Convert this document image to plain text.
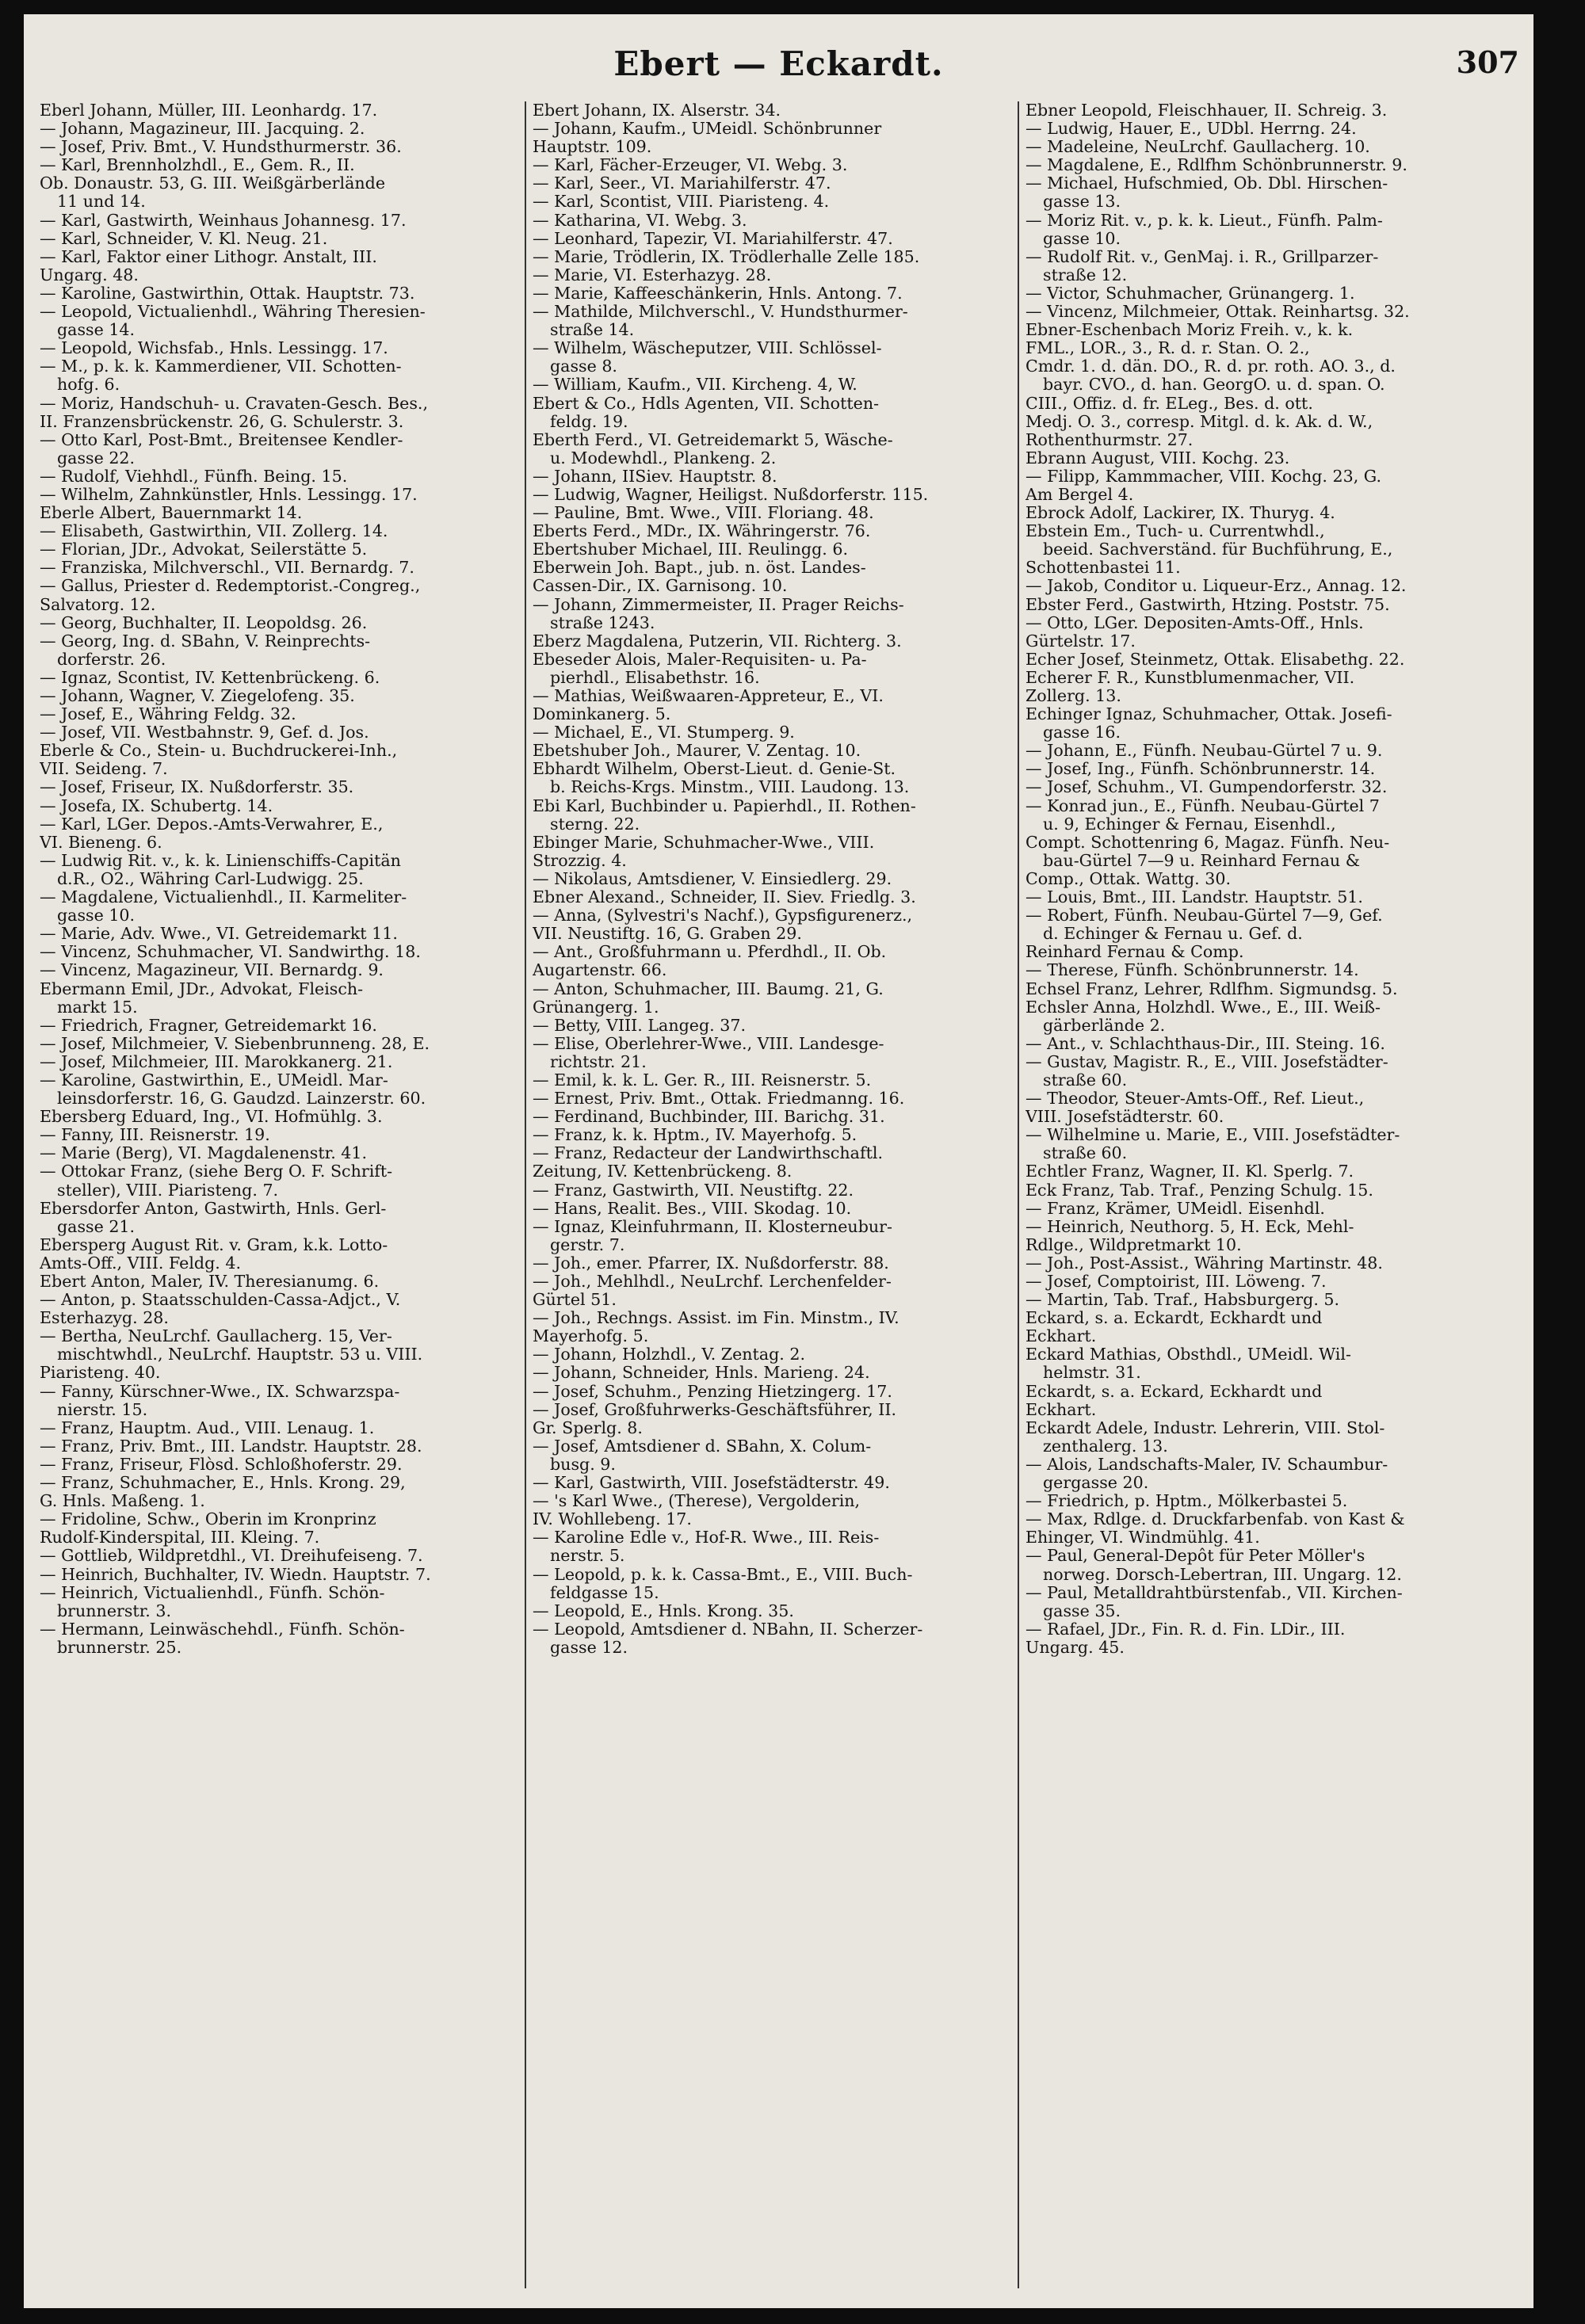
Ebert — Eckardt.	307
Eberl Johann, Müller, III. Leonhardg. 17.
— Johann, Magazineur, III. Jacquing. 2.
— Josef, Priv. Bmt., V. Hundsthurmerstr. 36.
— Karl, Brennholzhdl., E., Gem. R., II.
Ob. Donaustr. 53, G. III. Weißgärberlände
11 und 14.
— Karl, Gastwirth, Weinhaus Johannesg. 17.
— Karl, Schneider, V. Kl. Neug. 21.
— Karl, Faktor einer Lithogr. Anstalt, III.
Ungarg. 48.
— Karoline, Gastwirthin, Ottak. Hauptstr. 73.
— Leopold, Victualienhdl., Währing Theresien-
gasse 14.
— Leopold, Wichsfab., Hnls. Lessingg. 17.
— M., p. k. k. Kammerdiener, VII. Schotten-
hofg. 6.
— Moriz, Handschuh- u. Cravaten-Gesch. Bes.,
II. Franzensbrückenstr. 26, G. Schulerstr. 3.
— Otto Karl, Post-Bmt., Breitensee Kendler-
gasse 22.
— Rudolf, Viehhdl., Fünfh. Being. 15.
— Wilhelm, Zahnkünstler, Hnls. Lessingg. 17.
Eberle Albert, Bauernmarkt 14.
— Elisabeth, Gastwirthin, VII. Zollerg. 14.
— Florian, JDr., Advokat, Seilerstätte 5.
— Franziska, Milchverschl., VII. Bernardg. 7.
— Gallus, Priester d. Redemptorist.-Congreg.,
Salvatorg. 12.
— Georg, Buchhalter, II. Leopoldsg. 26.
— Georg, Ing. d. SBahn, V. Reinprechts-
dorferstr. 26.
— Ignaz, Scontist, IV. Kettenbrückeng. 6.
— Johann, Wagner, V. Ziegelofeng. 35.
— Josef, E., Währing Feldg. 32.
— Josef, VII. Westbahnstr. 9, Gef. d. Jos.
Eberle & Co., Stein- u. Buchdruckerei-Inh.,
VII. Seideng. 7.
— Josef, Friseur, IX. Nußdorferstr. 35.
— Josefa, IX. Schubertg. 14.
— Karl, LGer. Depos.-Amts-Verwahrer, E.,
VI. Bieneng. 6.
— Ludwig Rit. v., k. k. Linienschiffs-Capitän
d.R., O2., Währing Carl-Ludwigg. 25.
— Magdalene, Victualienhdl., II. Karmeliter-
gasse 10.
— Marie, Adv. Wwe., VI. Getreidemarkt 11.
— Vincenz, Schuhmacher, VI. Sandwirthg. 18.
— Vincenz, Magazineur, VII. Bernardg. 9.
Ebermann Emil, JDr., Advokat, Fleisch-
markt 15.
— Friedrich, Fragner, Getreidemarkt 16.
— Josef, Milchmeier, V. Siebenbrunneng. 28, E.
— Josef, Milchmeier, III. Marokkanerg. 21.
— Karoline, Gastwirthin, E., UMeidl. Mar-
leinsdorferstr. 16, G. Gaudzd. Lainzerstr. 60.
Ebersberg Eduard, Ing., VI. Hofmühlg. 3.
— Fanny, III. Reisnerstr. 19.
— Marie (Berg), VI. Magdalenenstr. 41.
— Ottokar Franz, (siehe Berg O. F. Schrift-
steller), VIII. Piaristeng. 7.
Ebersdorfer Anton, Gastwirth, Hnls. Gerl-
gasse 21.
Ebersperg August Rit. v. Gram, k.k. Lotto-
Amts-Off., VIII. Feldg. 4.
Ebert Anton, Maler, IV. Theresianumg. 6.
— Anton, p. Staatsschulden-Cassa-Adjct., V.
Esterhazyg. 28.
— Bertha, NeuLrchf. Gaullacherg. 15, Ver-
mischtwhdl., NeuLrchf. Hauptstr. 53 u. VIII.
Piaristeng. 40.
— Fanny, Kürschner-Wwe., IX. Schwarzspa-
nierstr. 15.
— Franz, Hauptm. Aud., VIII. Lenaug. 1.
— Franz, Priv. Bmt., III. Landstr. Hauptstr. 28.
— Franz, Friseur, Flòsd. Schloßhoferstr. 29.
— Franz, Schuhmacher, E., Hnls. Krong. 29,
G. Hnls. Maßeng. 1.
— Fridoline, Schw., Oberin im Kronprinz
Rudolf-Kinderspital, III. Kleing. 7.
— Gottlieb, Wildpretdhl., VI. Dreihufeiseng. 7.
— Heinrich, Buchhalter, IV. Wiedn. Hauptstr. 7.
— Heinrich, Victualienhdl., Fünfh. Schön-
brunnerstr. 3.
— Hermann, Leinwäschehdl., Fünfh. Schön-
brunnerstr. 25.
Ebert Johann, IX. Alserstr. 34.
— Johann, Kaufm., UMeidl. Schönbrunner
Hauptstr. 109.
— Karl, Fächer-Erzeuger, VI. Webg. 3.
— Karl, Seer., VI. Mariahilferstr. 47.
— Karl, Scontist, VIII. Piaristeng. 4.
— Katharina, VI. Webg. 3.
— Leonhard, Tapezir, VI. Mariahilferstr. 47.
— Marie, Trödlerin, IX. Trödlerhalle Zelle 185.
— Marie, VI. Esterhazyg. 28.
— Marie, Kaffeeschänkerin, Hnls. Antong. 7.
— Mathilde, Milchverschl., V. Hundsthurmer-
straße 14.
— Wilhelm, Wäscheputzer, VIII. Schlössel-
gasse 8.
— William, Kaufm., VII. Kircheng. 4, W.
Ebert & Co., Hdls Agenten, VII. Schotten-
feldg. 19.
Eberth Ferd., VI. Getreidemarkt 5, Wäsche-
u. Modewhdl., Plankeng. 2.
— Johann, IISiev. Hauptstr. 8.
— Ludwig, Wagner, Heiligst. Nußdorferstr. 115.
— Pauline, Bmt. Wwe., VIII. Floriang. 48.
Eberts Ferd., MDr., IX. Währingerstr. 76.
Ebertshuber Michael, III. Reulingg. 6.
Eberwein Joh. Bapt., jub. n. öst. Landes-
Cassen-Dir., IX. Garnisong. 10.
— Johann, Zimmermeister, II. Prager Reichs-
straße 1243.
Eberz Magdalena, Putzerin, VII. Richterg. 3.
Ebeseder Alois, Maler-Requisiten- u. Pa-
pierhdl., Elisabethstr. 16.
— Mathias, Weißwaaren-Appreteur, E., VI.
Dominkanerg. 5.
— Michael, E., VI. Stumperg. 9.
Ebetshuber Joh., Maurer, V. Zentag. 10.
Ebhardt Wilhelm, Oberst-Lieut. d. Genie-St.
b. Reichs-Krgs. Minstm., VIII. Laudong. 13.
Ebi Karl, Buchbinder u. Papierhdl., II. Rothen-
sterng. 22.
Ebinger Marie, Schuhmacher-Wwe., VIII.
Strozzig. 4.
— Nikolaus, Amtsdiener, V. Einsiedlerg. 29.
Ebner Alexand., Schneider, II. Siev. Friedlg. 3.
— Anna, (Sylvestri's Nachf.), Gypsfigurenerz.,
VII. Neustiftg. 16, G. Graben 29.
— Ant., Großfuhrmann u. Pferdhdl., II. Ob.
Augartenstr. 66.
— Anton, Schuhmacher, III. Baumg. 21, G.
Grünangerg. 1.
— Betty, VIII. Langeg. 37.
— Elise, Oberlehrer-Wwe., VIII. Landesge-
richtstr. 21.
— Emil, k. k. L. Ger. R., III. Reisnerstr. 5.
— Ernest, Priv. Bmt., Ottak. Friedmanng. 16.
— Ferdinand, Buchbinder, III. Barichg. 31.
— Franz, k. k. Hptm., IV. Mayerhofg. 5.
— Franz, Redacteur der Landwirthschaftl.
Zeitung, IV. Kettenbrückeng. 8.
— Franz, Gastwirth, VII. Neustiftg. 22.
— Hans, Realit. Bes., VIII. Skodag. 10.
— Ignaz, Kleinfuhrmann, II. Klosterneubur-
gerstr. 7.
— Joh., emer. Pfarrer, IX. Nußdorferstr. 88.
— Joh., Mehlhdl., NeuLrchf. Lerchenfelder-
Gürtel 51.
— Joh., Rechngs. Assist. im Fin. Minstm., IV.
Mayerhofg. 5.
— Johann, Holzhdl., V. Zentag. 2.
— Johann, Schneider, Hnls. Marieng. 24.
— Josef, Schuhm., Penzing Hietzingerg. 17.
— Josef, Großfuhrwerks-Geschäftsführer, II.
Gr. Sperlg. 8.
— Josef, Amtsdiener d. SBahn, X. Colum-
busg. 9.
— Karl, Gastwirth, VIII. Josefstädterstr. 49.
— 's Karl Wwe., (Therese), Vergolderin,
IV. Wohllebeng. 17.
— Karoline Edle v., Hof-R. Wwe., III. Reis-
nerstr. 5.
— Leopold, p. k. k. Cassa-Bmt., E., VIII. Buch-
feldgasse 15.
— Leopold, E., Hnls. Krong. 35.
— Leopold, Amtsdiener d. NBahn, II. Scherzer-
gasse 12.
Ebner Leopold, Fleischhauer, II. Schreig. 3.
— Ludwig, Hauer, E., UDbl. Herrng. 24.
— Madeleine, NeuLrchf. Gaullacherg. 10.
— Magdalene, E., Rdlfhm Schönbrunnerstr. 9.
— Michael, Hufschmied, Ob. Dbl. Hirschen-
gasse 13.
— Moriz Rit. v., p. k. k. Lieut., Fünfh. Palm-
gasse 10.
— Rudolf Rit. v., GenMaj. i. R., Grillparzer-
straße 12.
— Victor, Schuhmacher, Grünangerg. 1.
— Vincenz, Milchmeier, Ottak. Reinhartsg. 32.
Ebner-Eschenbach Moriz Freih. v., k. k.
FML., LOR., 3., R. d. r. Stan. O. 2.,
Cmdr. 1. d. dän. DO., R. d. pr. roth. AO. 3., d.
bayr. CVO., d. han. GeorgO. u. d. span. O.
CIII., Offiz. d. fr. ELeg., Bes. d. ott.
Medj. O. 3., corresp. Mitgl. d. k. Ak. d. W.,
Rothenthurmstr. 27.
Ebrann August, VIII. Kochg. 23.
— Filipp, Kammmacher, VIII. Kochg. 23, G.
Am Bergel 4.
Ebrock Adolf, Lackirer, IX. Thuryg. 4.
Ebstein Em., Tuch- u. Currentwhdl.,
beeid. Sachverständ. für Buchführung, E.,
Schottenbastei 11.
— Jakob, Conditor u. Liqueur-Erz., Annag. 12.
Ebster Ferd., Gastwirth, Htzing. Poststr. 75.
— Otto, LGer. Depositen-Amts-Off., Hnls.
Gürtelstr. 17.
Echer Josef, Steinmetz, Ottak. Elisabethg. 22.
Echerer F. R., Kunstblumenmacher, VII.
Zollerg. 13.
Echinger Ignaz, Schuhmacher, Ottak. Josefi-
gasse 16.
— Johann, E., Fünfh. Neubau-Gürtel 7 u. 9.
— Josef, Ing., Fünfh. Schönbrunnerstr. 14.
— Josef, Schuhm., VI. Gumpendorferstr. 32.
— Konrad jun., E., Fünfh. Neubau-Gürtel 7
u. 9, Echinger & Fernau, Eisenhdl.,
Compt. Schottenring 6, Magaz. Fünfh. Neu-
bau-Gürtel 7—9 u. Reinhard Fernau &
Comp., Ottak. Wattg. 30.
— Louis, Bmt., III. Landstr. Hauptstr. 51.
— Robert, Fünfh. Neubau-Gürtel 7—9, Gef.
d. Echinger & Fernau u. Gef. d.
Reinhard Fernau & Comp.
— Therese, Fünfh. Schönbrunnerstr. 14.
Echsel Franz, Lehrer, Rdlfhm. Sigmundsg. 5.
Echsler Anna, Holzhdl. Wwe., E., III. Weiß-
gärberlände 2.
— Ant., v. Schlachthaus-Dir., III. Steing. 16.
— Gustav, Magistr. R., E., VIII. Josefstädter-
straße 60.
— Theodor, Steuer-Amts-Off., Ref. Lieut.,
VIII. Josefstädterstr. 60.
— Wilhelmine u. Marie, E., VIII. Josefstädter-
straße 60.
Echtler Franz, Wagner, II. Kl. Sperlg. 7.
Eck Franz, Tab. Traf., Penzing Schulg. 15.
— Franz, Krämer, UMeidl. Eisenhdl.
— Heinrich, Neuthorg. 5, H. Eck, Mehl-
Rdlge., Wildpretmarkt 10.
— Joh., Post-Assist., Währing Martinstr. 48.
— Josef, Comptoirist, III. Löweng. 7.
— Martin, Tab. Traf., Habsburgerg. 5.
Eckard, s. a. Eckardt, Eckhardt und
Eckhart.
Eckard Mathias, Obsthdl., UMeidl. Wil-
helmstr. 31.
Eckardt, s. a. Eckard, Eckhardt und
Eckhart.
Eckardt Adele, Industr. Lehrerin, VIII. Stol-
zenthalerg. 13.
— Alois, Landschafts-Maler, IV. Schaumbur-
gergasse 20.
— Friedrich, p. Hptm., Mölkerbastei 5.
— Max, Rdlge. d. Druckfarbenfab. von Kast &
Ehinger, VI. Windmühlg. 41.
— Paul, General-Depôt für Peter Möller's
norweg. Dorsch-Lebertran, III. Ungarg. 12.
— Paul, Metalldrahtbürstenfab., VII. Kirchen-
gasse 35.
— Rafael, JDr., Fin. R. d. Fin. LDir., III.
Ungarg. 45.
